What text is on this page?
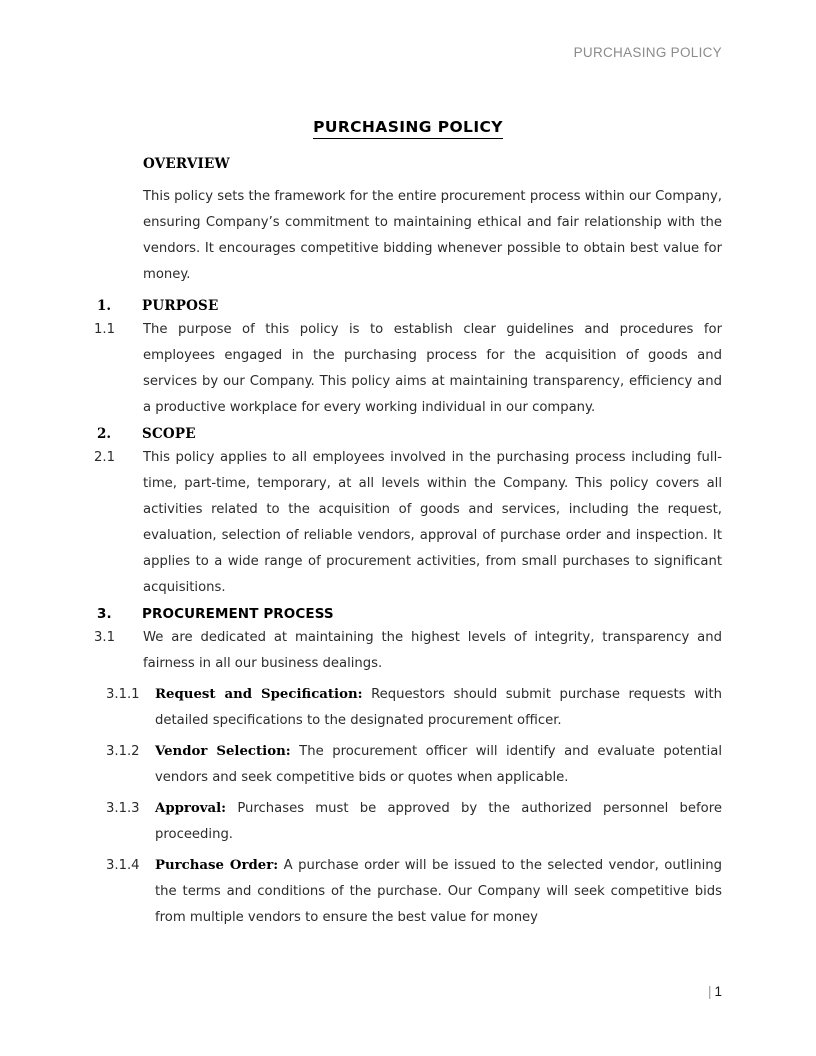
PURCHASING POLICY
PURCHASING POLICY
OVERVIEW
This policy sets the framework for the entire procurement process within our Company, ensuring Company’s commitment to maintaining ethical and fair relationship with the vendors. It encourages competitive bidding whenever possible to obtain best value for money.
1.	PURPOSE
1.1	The purpose of this policy is to establish clear guidelines and procedures for employees engaged in the purchasing process for the acquisition of goods and services by our Company. This policy aims at maintaining transparency, efficiency and a productive workplace for every working individual in our company.
2.	SCOPE
2.1	This policy applies to all employees involved in the purchasing process including full-time, part-time, temporary, at all levels within the Company. This policy covers all activities related to the acquisition of goods and services, including the request, evaluation, selection of reliable vendors, approval of purchase order and inspection. It applies to a wide range of procurement activities, from small purchases to significant acquisitions.
3.	PROCUREMENT PROCESS
3.1	We are dedicated at maintaining the highest levels of integrity, transparency and fairness in all our business dealings.
3.1.1	Request and Specification: Requestors should submit purchase requests with detailed specifications to the designated procurement officer.
3.1.2	Vendor Selection: The procurement officer will identify and evaluate potential vendors and seek competitive bids or quotes when applicable.
3.1.3	Approval: Purchases must be approved by the authorized personnel before proceeding.
3.1.4	Purchase Order: A purchase order will be issued to the selected vendor, outlining the terms and conditions of the purchase. Our Company will seek competitive bids from multiple vendors to ensure the best value for money
| 1
